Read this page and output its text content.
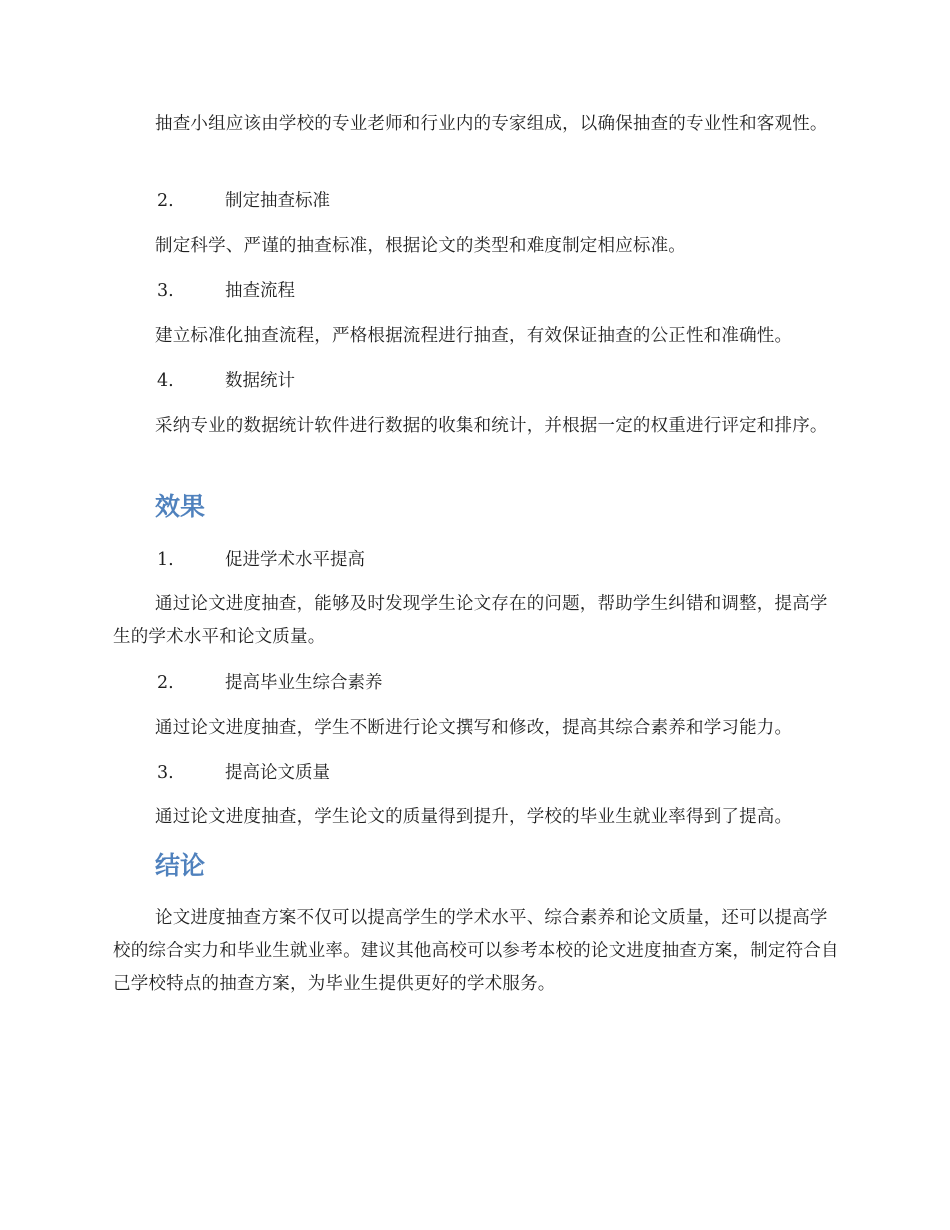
抽查小组应该由学校的专业老师和行业内的专家组成，以确保抽查的专业性和客观性。

2.	制定抽查标准

制定科学、严谨的抽查标准，根据论文的类型和难度制定相应标准。

3.	抽查流程

建立标准化抽查流程，严格根据流程进行抽查，有效保证抽查的公正性和准确性。

4.	数据统计

采纳专业的数据统计软件进行数据的收集和统计，并根据一定的权重进行评定和排序。

效果

1.	促进学术水平提高

通过论文进度抽查，能够及时发现学生论文存在的问题，帮助学生纠错和调整，提高学生的学术水平和论文质量。

2.	提高毕业生综合素养

通过论文进度抽查，学生不断进行论文撰写和修改，提高其综合素养和学习能力。

3.	提高论文质量

通过论文进度抽查，学生论文的质量得到提升，学校的毕业生就业率得到了提高。

结论

论文进度抽查方案不仅可以提高学生的学术水平、综合素养和论文质量，还可以提高学校的综合实力和毕业生就业率。建议其他高校可以参考本校的论文进度抽查方案，制定符合自己学校特点的抽查方案，为毕业生提供更好的学术服务。
